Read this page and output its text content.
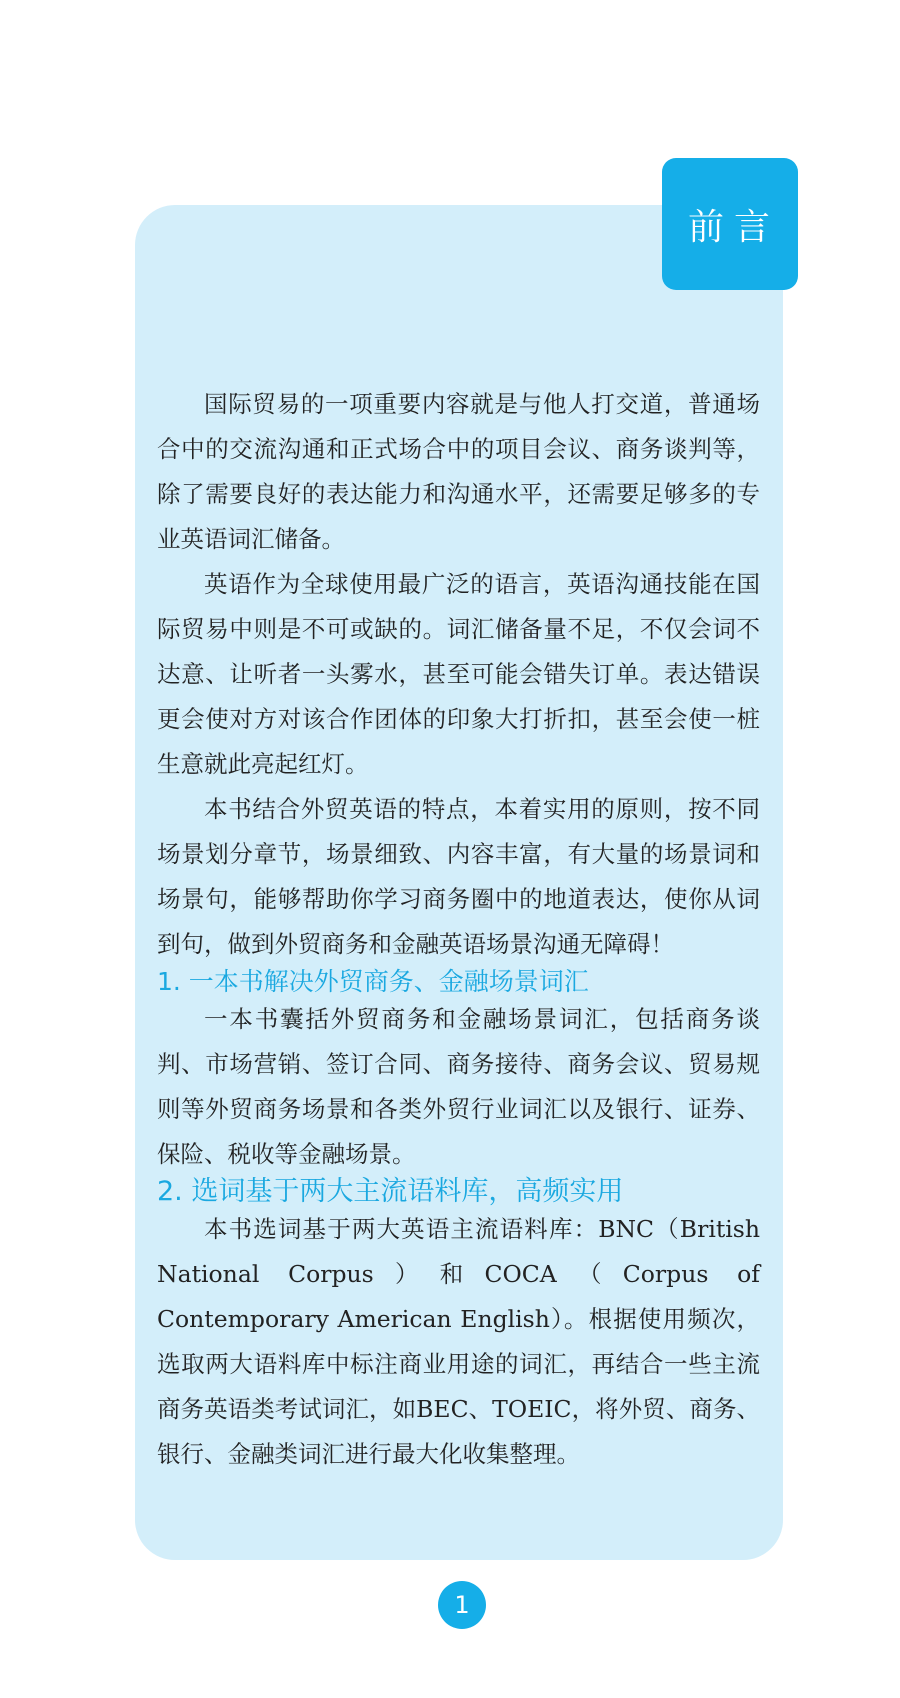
前言

国际贸易的一项重要内容就是与他人打交道，普通场合中的交流沟通和正式场合中的项目会议、商务谈判等，除了需要良好的表达能力和沟通水平，还需要足够多的专业英语词汇储备。

英语作为全球使用最广泛的语言，英语沟通技能在国际贸易中则是不可或缺的。词汇储备量不足，不仅会词不达意、让听者一头雾水，甚至可能会错失订单。表达错误更会使对方对该合作团体的印象大打折扣，甚至会使一桩生意就此亮起红灯。

本书结合外贸英语的特点，本着实用的原则，按不同场景划分章节，场景细致、内容丰富，有大量的场景词和场景句，能够帮助你学习商务圈中的地道表达，使你从词到句，做到外贸商务和金融英语场景沟通无障碍！

1. 一本书解决外贸商务、金融场景词汇

一本书囊括外贸商务和金融场景词汇，包括商务谈判、市场营销、签订合同、商务接待、商务会议、贸易规则等外贸商务场景和各类外贸行业词汇以及银行、证券、保险、税收等金融场景。

2. 选词基于两大主流语料库，高频实用

本书选词基于两大英语主流语料库：BNC（British National Corpus）和COCA（Corpus of Contemporary American English）。根据使用频次，选取两大语料库中标注商业用途的词汇，再结合一些主流商务英语类考试词汇，如BEC、TOEIC，将外贸、商务、银行、金融类词汇进行最大化收集整理。

1
